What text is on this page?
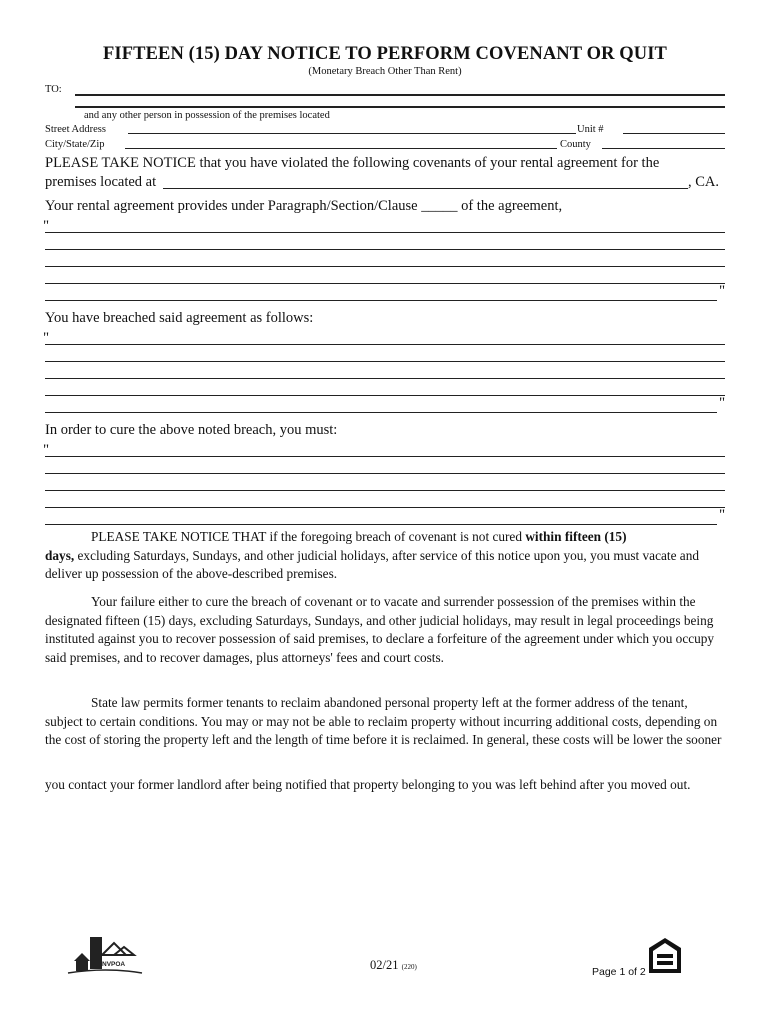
FIFTEEN (15) DAY NOTICE TO PERFORM COVENANT OR QUIT
(Monetary Breach Other Than Rent)
TO:
and any other person in possession of the premises located
Street Address	Unit #
City/State/Zip	County
PLEASE TAKE NOTICE that you have violated the following covenants of your rental agreement for the
premises located at	, CA.
Your rental agreement provides under Paragraph/Section/Clause _____ of the agreement,
"
"
You have breached said agreement as follows:
"
"
In order to cure the above noted breach, you must:
"
"
PLEASE TAKE NOTICE THAT if the foregoing breach of covenant is not cured within fifteen (15)
days, excluding Saturdays, Sundays, and other judicial holidays, after service of this notice upon you, you must vacate and deliver up possession of the above-described premises.
Your failure either to cure the breach of covenant or to vacate and surrender possession of the premises within the designated fifteen (15) days, excluding Saturdays, Sundays, and other judicial holidays, may result in legal proceedings being instituted against you to recover possession of said premises, to declare a forfeiture of the agreement under which you occupy said premises, and to recover damages, plus attorneys' fees and court costs.
State law permits former tenants to reclaim abandoned personal property left at the former address of the tenant, subject to certain conditions. You may or may not be able to reclaim property without incurring additional costs, depending on the cost of storing the property left and the length of time before it is reclaimed. In general, these costs will be lower the sooner
you contact your former landlord after being notified that property belonging to you was left behind after you moved out.
NVPOA	02/21 (220)	Page 1 of 2
